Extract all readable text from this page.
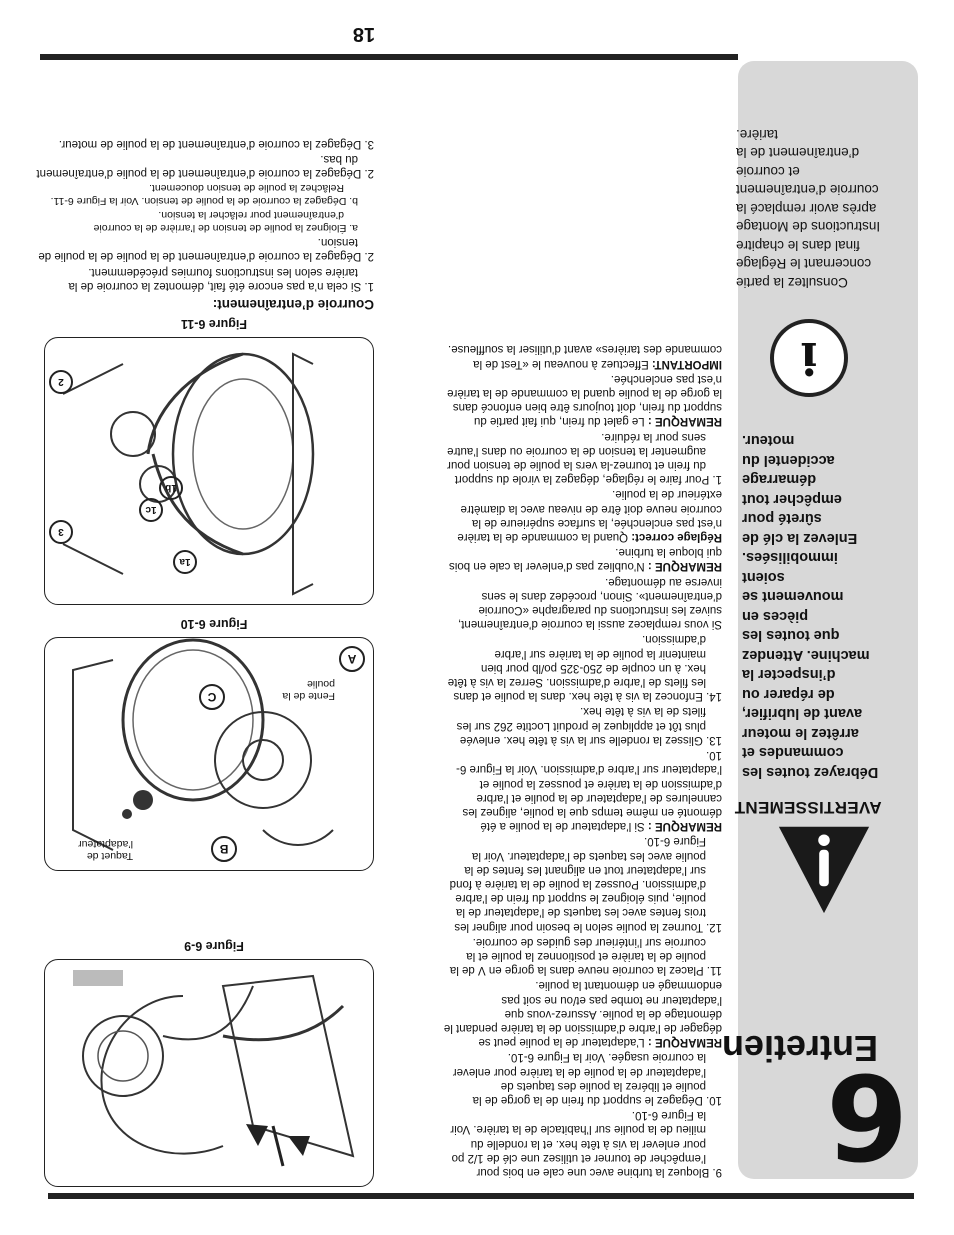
6
Entretien
AVERTISSEMENT
Débrayez toutes les commandes et arrêtez le moteur avant de lubrifier, de réparer ou d’inspecter la machine. Attendez que toutes les pièces en mouvement se soient immobilisées. Enlevez la clé de sûreté pour empêcher tout démarrage accidentel du moteur.
i
Consultez la partie concernant le Réglage final dans le chapitre Instructions de Montage après avoir remplacé la courroie d’entraînement et courroie d’entraînement de la tarière.

9. Bloquez la turbine avec une cale en bois pour l’empêcher de tourner et utilisez une clé de 1/2 po pour enlever la vis à tête hex. et la rondelle du milieu de la poulie sur l’habitacle de la tarière. Voir la Figure 6-10.

10. Dégagez le support du frein de la gorge de la poulie et libérez la poulie des taquets de l’adaptateur de la poulie de la tarière pour enlever la courroie usagée. Voir la Figure 6-10.

REMARQUE : L’adaptateur de la poulie peut se dégager de l’arbre d’admission de la tarière pendant le démontage de la poulie. Assurez-vous que l’adaptateur ne tombe pas et/ou ne soit pas endommagé en démontant la poulie.

11. Placez la courroie neuve dans la gorge en V de la poulie de la tarière et positionnez la poulie et la courroie sur l’intérieur des guides de courroie.

12. Tournez la poulie selon le besoin pour aligner les trois fentes avec les taquets de l’adaptateur de la poulie, puis éloignez le support du frein de l’arbre d’admission. Poussez la poulie de la tarière à fond sur l’adaptateur tout en alignant les fentes de la poulie avec les taquets de l’adaptateur. Voir la Figure 6-10.

REMARQUE : Si l’adaptateur de la poulie a été démonté en même temps que la poulie, alignez les cannelures de l’adaptateur de la poulie et l’arbre d’admission de la tarière et poussez la poulie et l’adaptateur sur l’arbre d’admission. Voir la Figure 6-10.

13. Glissez la rondelle sur la vis à tête hex. enlevée plus tôt et appliquez le produit Loctite 262 sur les filets de la vis à tête hex.

14. Enfoncez la vis à tête hex. dans la poulie et dans les filets de l’arbre d’admission. Serrez la vis à tête hex. à un couple de 250-325 po/lb pour bien maintenir la poulie de la tarière sur l’arbre d’admission.

Si vous remplacez aussi la courroie d’entraînement, suivez les instructions du paragraphe «Courroie d’entraînement». Sinon, procédez dans le sens inverse au démontage.

REMARQUE : N’oubliez pas d’enlever la cale en bois qui bloque la turbine.

Réglage correct: Quand la commande de la tarière n’est pas enclenchée, la surface supérieure de la courroie neuve doit être de niveau avec la diamètre extérieur de la poulie.

1. Pour faire le réglage, dégagez la virole du support du frein et tournez-la vers la poulie de tension pour augmenter la tension de la courroie ou dans l’autre sens pour la réduire.

REMARQUE : Le galet du frein, qui fait partie du support du frein, doit toujours être bien enfoncé dans la gorge de la poulie quand la commande de la tarière n’est pas enclenchée.

IMPORTANT: Effectuez à nouveau le «Test de la commande des tarières» avant d’utiliser la souffleuse.

Figure 6-9
A
B
C	Fente de la poulie
Taquet de l’adaptateur
Figure 6-10
1a
1b
1c
2
3
Figure 6-11
Courroie d’entraînement:

1. Si cela n’a pas encore été fait, démontez la courroie de la tarière selon les instructions fournies précédemment.

2. Dégagez la courroie d’entraînement de la poulie de la poulie de tension.

a. Éloignez la poulie de tension de l’arrière de la courroie d’entraînement pour relâcher la tension.

b. Dégagez la courroie de la poulie de tension. Voir la Figure 6-11. Relâchez la poulie de tension doucement.

2. Dégagez la courroie d’entraînement de la poulie d’entraînement du bas.

3. Dégagez la courroie d’entraînement de la poulie de moteur.

18
